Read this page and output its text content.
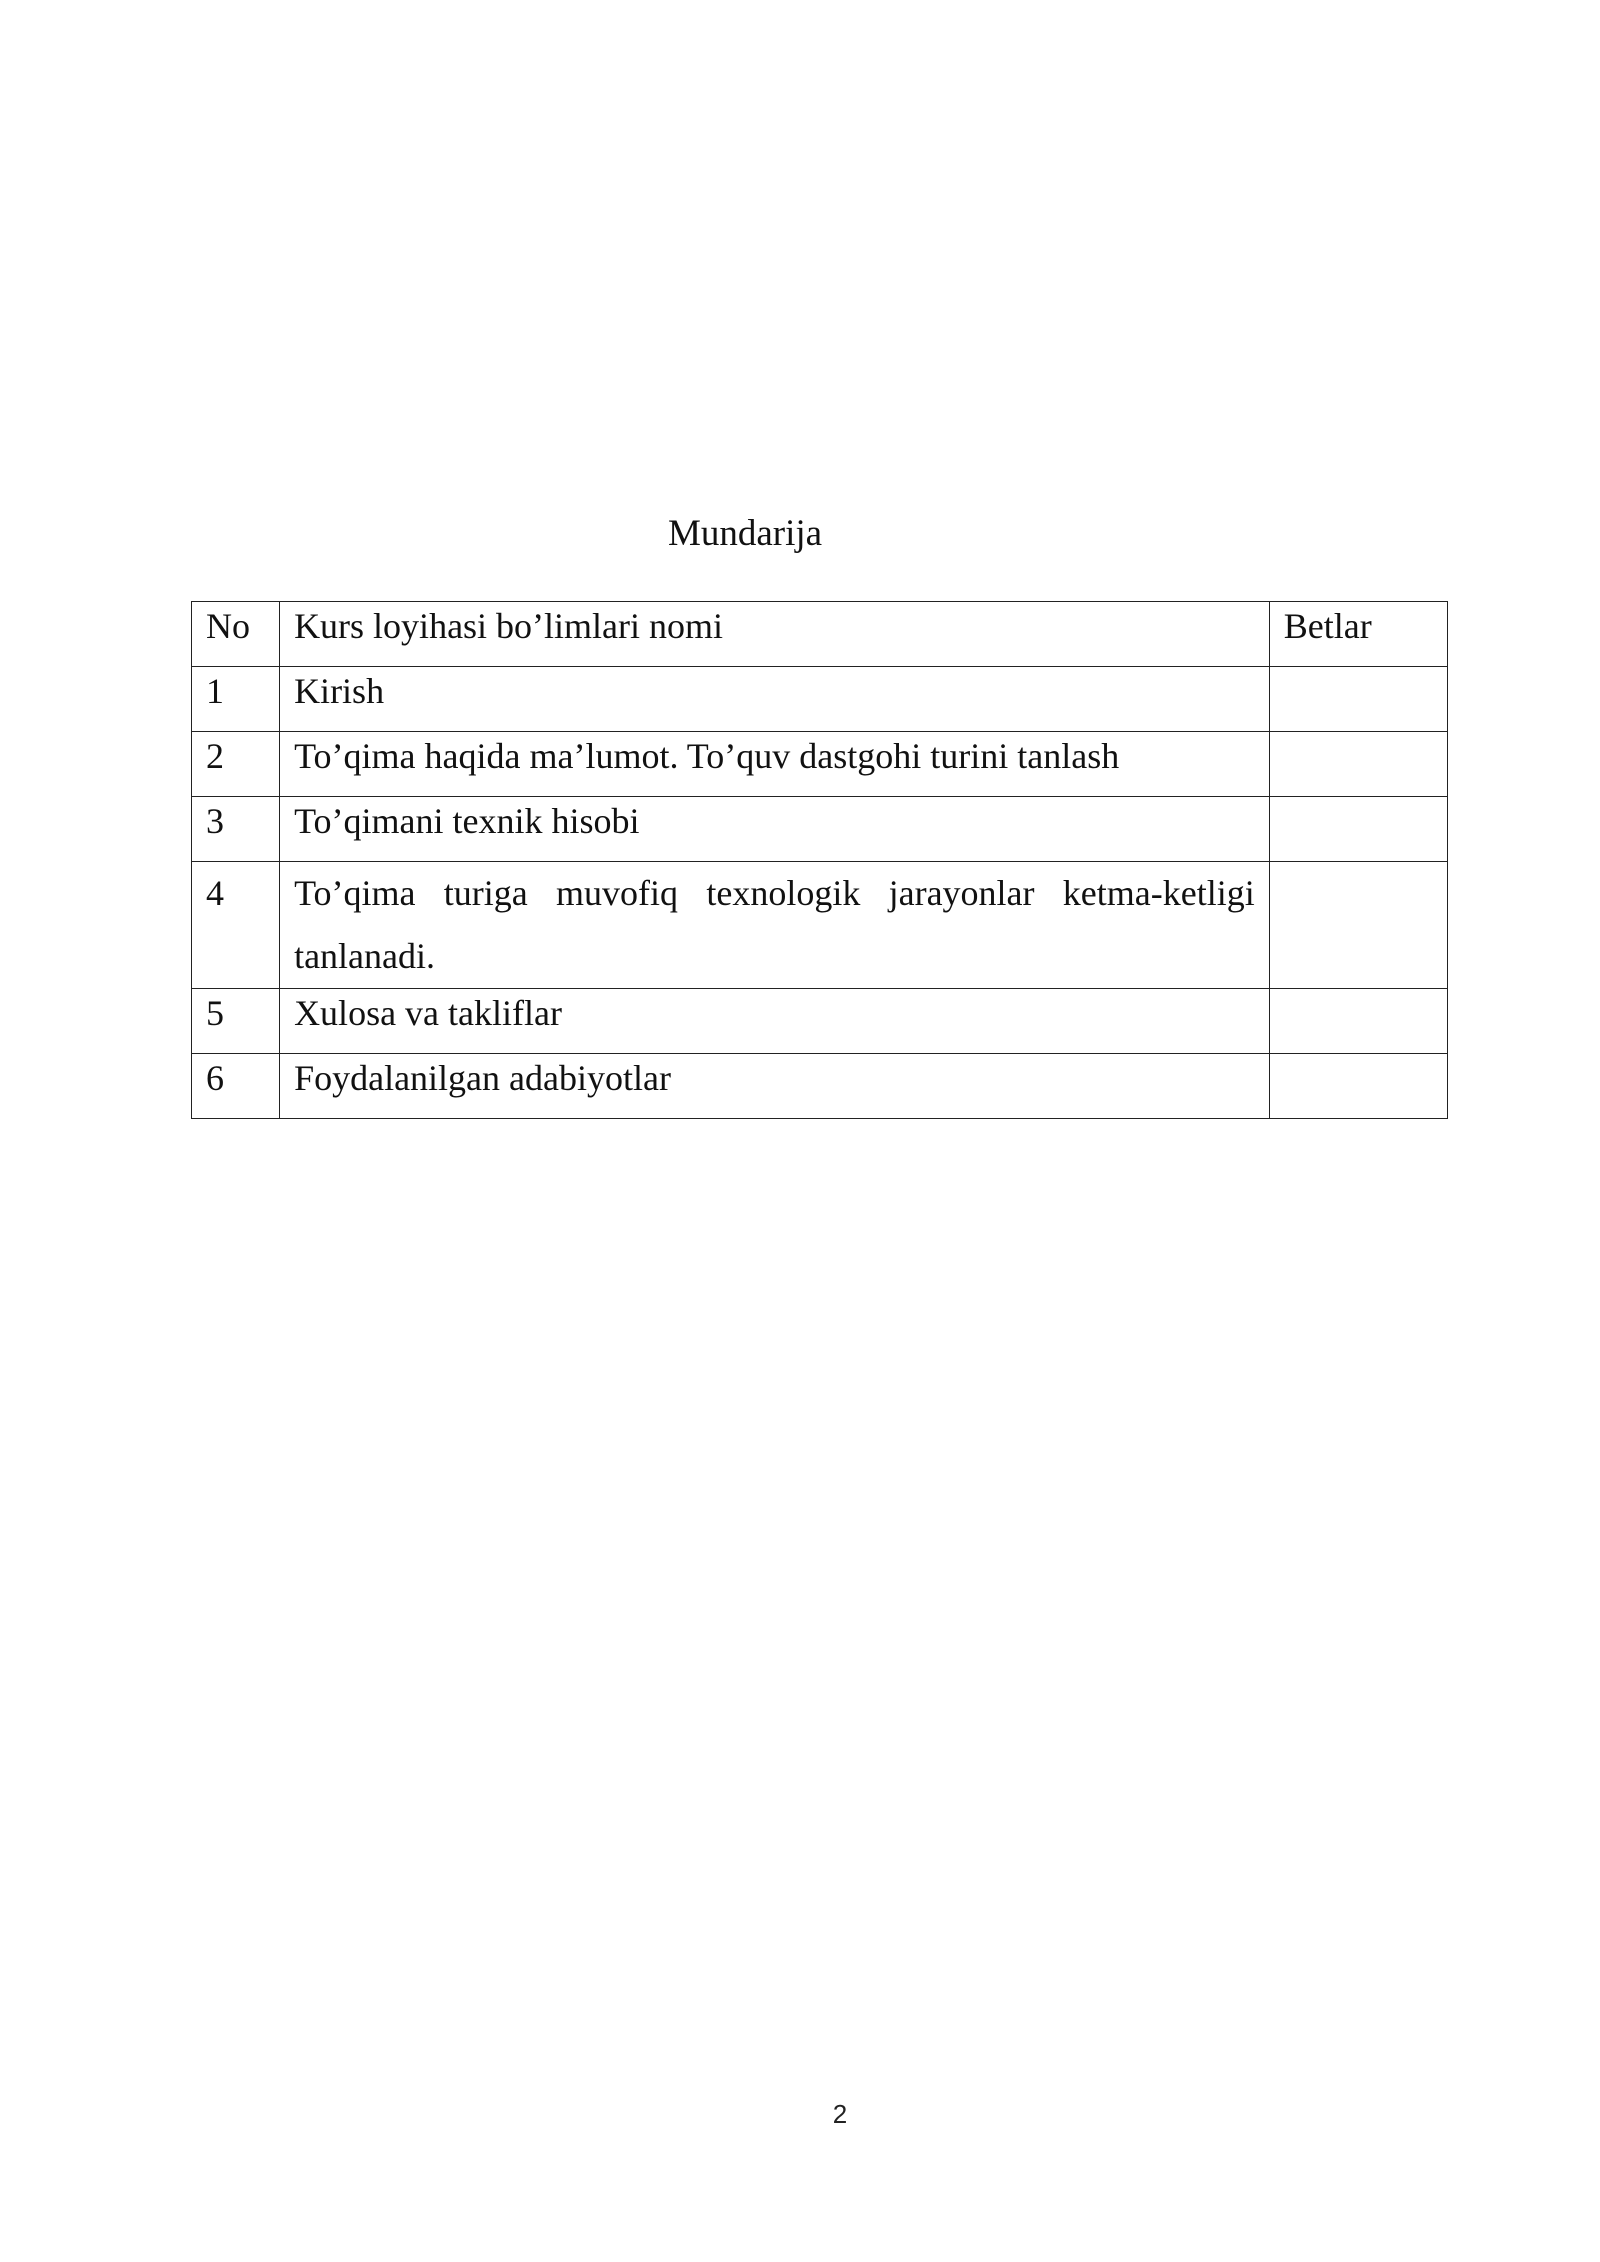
Mundarija
No	Kurs loyihasi bo’limlari nomi	Betlar
1	Kirish	
2	To’qima haqida ma’lumot. To’quv dastgohi turini tanlash	
3	To’qimani texnik hisobi	
4	To’qima turiga muvofiq texnologik jarayonlar ketma-ketligi tanlanadi.	
5	Xulosa va takliflar	
6	Foydalanilgan adabiyotlar	
2
